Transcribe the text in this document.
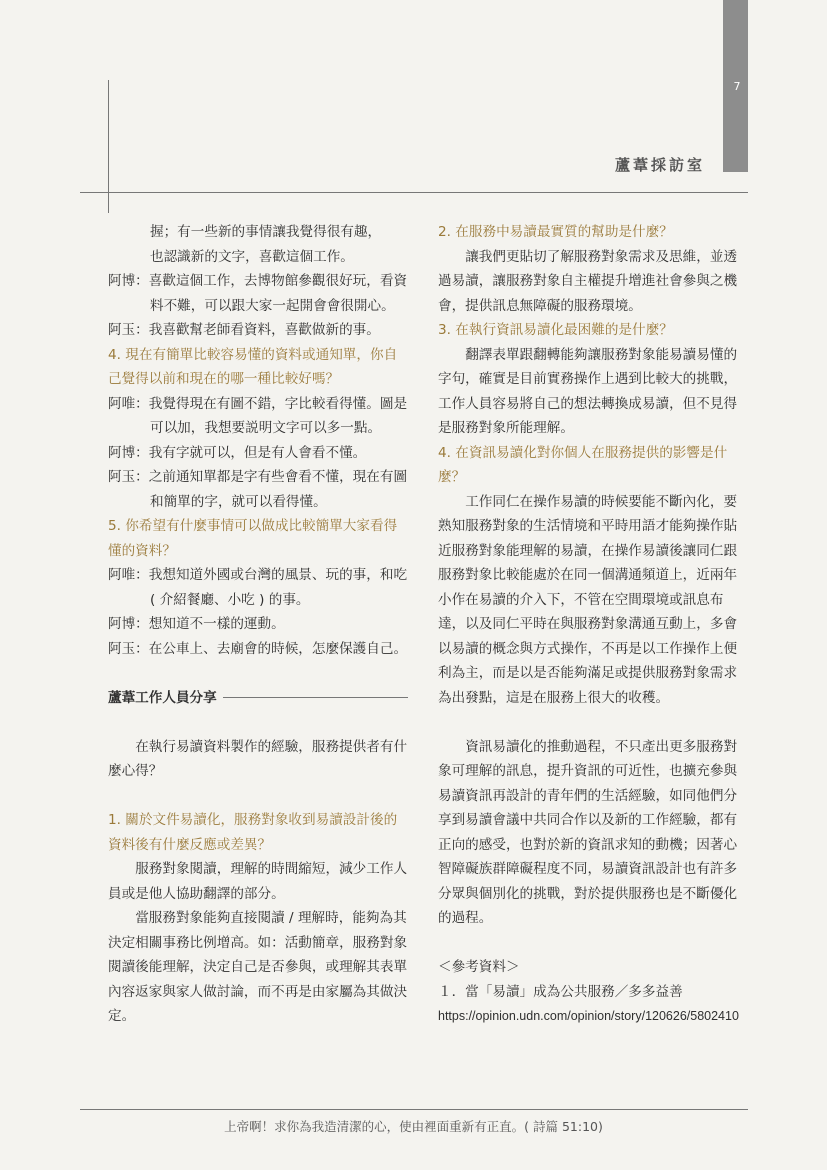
7
蘆葦採訪室

握；有一些新的事情讓我覺得很有趣，

也認識新的文字，喜歡這個工作。

阿博：喜歡這個工作，去博物館參觀很好玩，看資料不難，可以跟大家一起開會會很開心。

阿玉：我喜歡幫老師看資料，喜歡做新的事。

4. 現在有簡單比較容易懂的資料或通知單，你自己覺得以前和現在的哪一種比較好嗎？

阿唯：我覺得現在有圖不錯，字比較看得懂。圖是可以加，我想要説明文字可以多一點。

阿博：我有字就可以，但是有人會看不懂。

阿玉：之前通知單都是字有些會看不懂，現在有圖和簡單的字，就可以看得懂。

5. 你希望有什麼事情可以做成比較簡單大家看得懂的資料？

阿唯：我想知道外國或台灣的風景、玩的事，和吃 ( 介紹餐廳、小吃 ) 的事。

阿博：想知道不一樣的運動。

阿玉：在公車上、去廟會的時候，怎麼保護自己。

蘆葦工作人員分享

在執行易讀資料製作的經驗，服務提供者有什麼心得？

1. 關於文件易讀化，服務對象收到易讀設計後的資料後有什麼反應或差異？

服務對象閱讀，理解的時間縮短，減少工作人員或是他人協助翻譯的部分。

當服務對象能夠直接閱讀 / 理解時，能夠為其決定相關事務比例增高。如：活動簡章，服務對象閱讀後能理解，決定自己是否參與，或理解其表單內容返家與家人做討論，而不再是由家屬為其做決定。

2. 在服務中易讀最實質的幫助是什麼？

讓我們更貼切了解服務對象需求及思維，並透過易讀，讓服務對象自主權提升增進社會參與之機會，提供訊息無障礙的服務環境。

3. 在執行資訊易讀化最困難的是什麼？

翻譯表單跟翻轉能夠讓服務對象能易讀易懂的字句，確實是目前實務操作上遇到比較大的挑戰，工作人員容易將自己的想法轉換成易讀，但不見得是服務對象所能理解。

4. 在資訊易讀化對你個人在服務提供的影響是什麼？

工作同仁在操作易讀的時候要能不斷內化，要熟知服務對象的生活情境和平時用語才能夠操作貼近服務對象能理解的易讀，在操作易讀後讓同仁跟服務對象比較能處於在同一個溝通頻道上，近兩年小作在易讀的介入下，不管在空間環境或訊息布達，以及同仁平時在與服務對象溝通互動上，多會以易讀的概念與方式操作，不再是以工作操作上便利為主，而是以是否能夠滿足或提供服務對象需求為出發點，這是在服務上很大的收穫。

資訊易讀化的推動過程，不只產出更多服務對象可理解的訊息，提升資訊的可近性，也擴充參與易讀資訊再設計的青年們的生活經驗，如同他們分享到易讀會議中共同合作以及新的工作經驗，都有正向的感受，也對於新的資訊求知的動機；因著心智障礙族群障礙程度不同，易讀資訊設計也有許多分眾與個別化的挑戰，對於提供服務也是不斷優化的過程。

＜參考資料＞

１．當「易讀」成為公共服務／多多益善

https://opinion.udn.com/opinion/story/120626/5802410

上帝啊！求你為我造清潔的心，使由裡面重新有正直。( 詩篇 51:10)
